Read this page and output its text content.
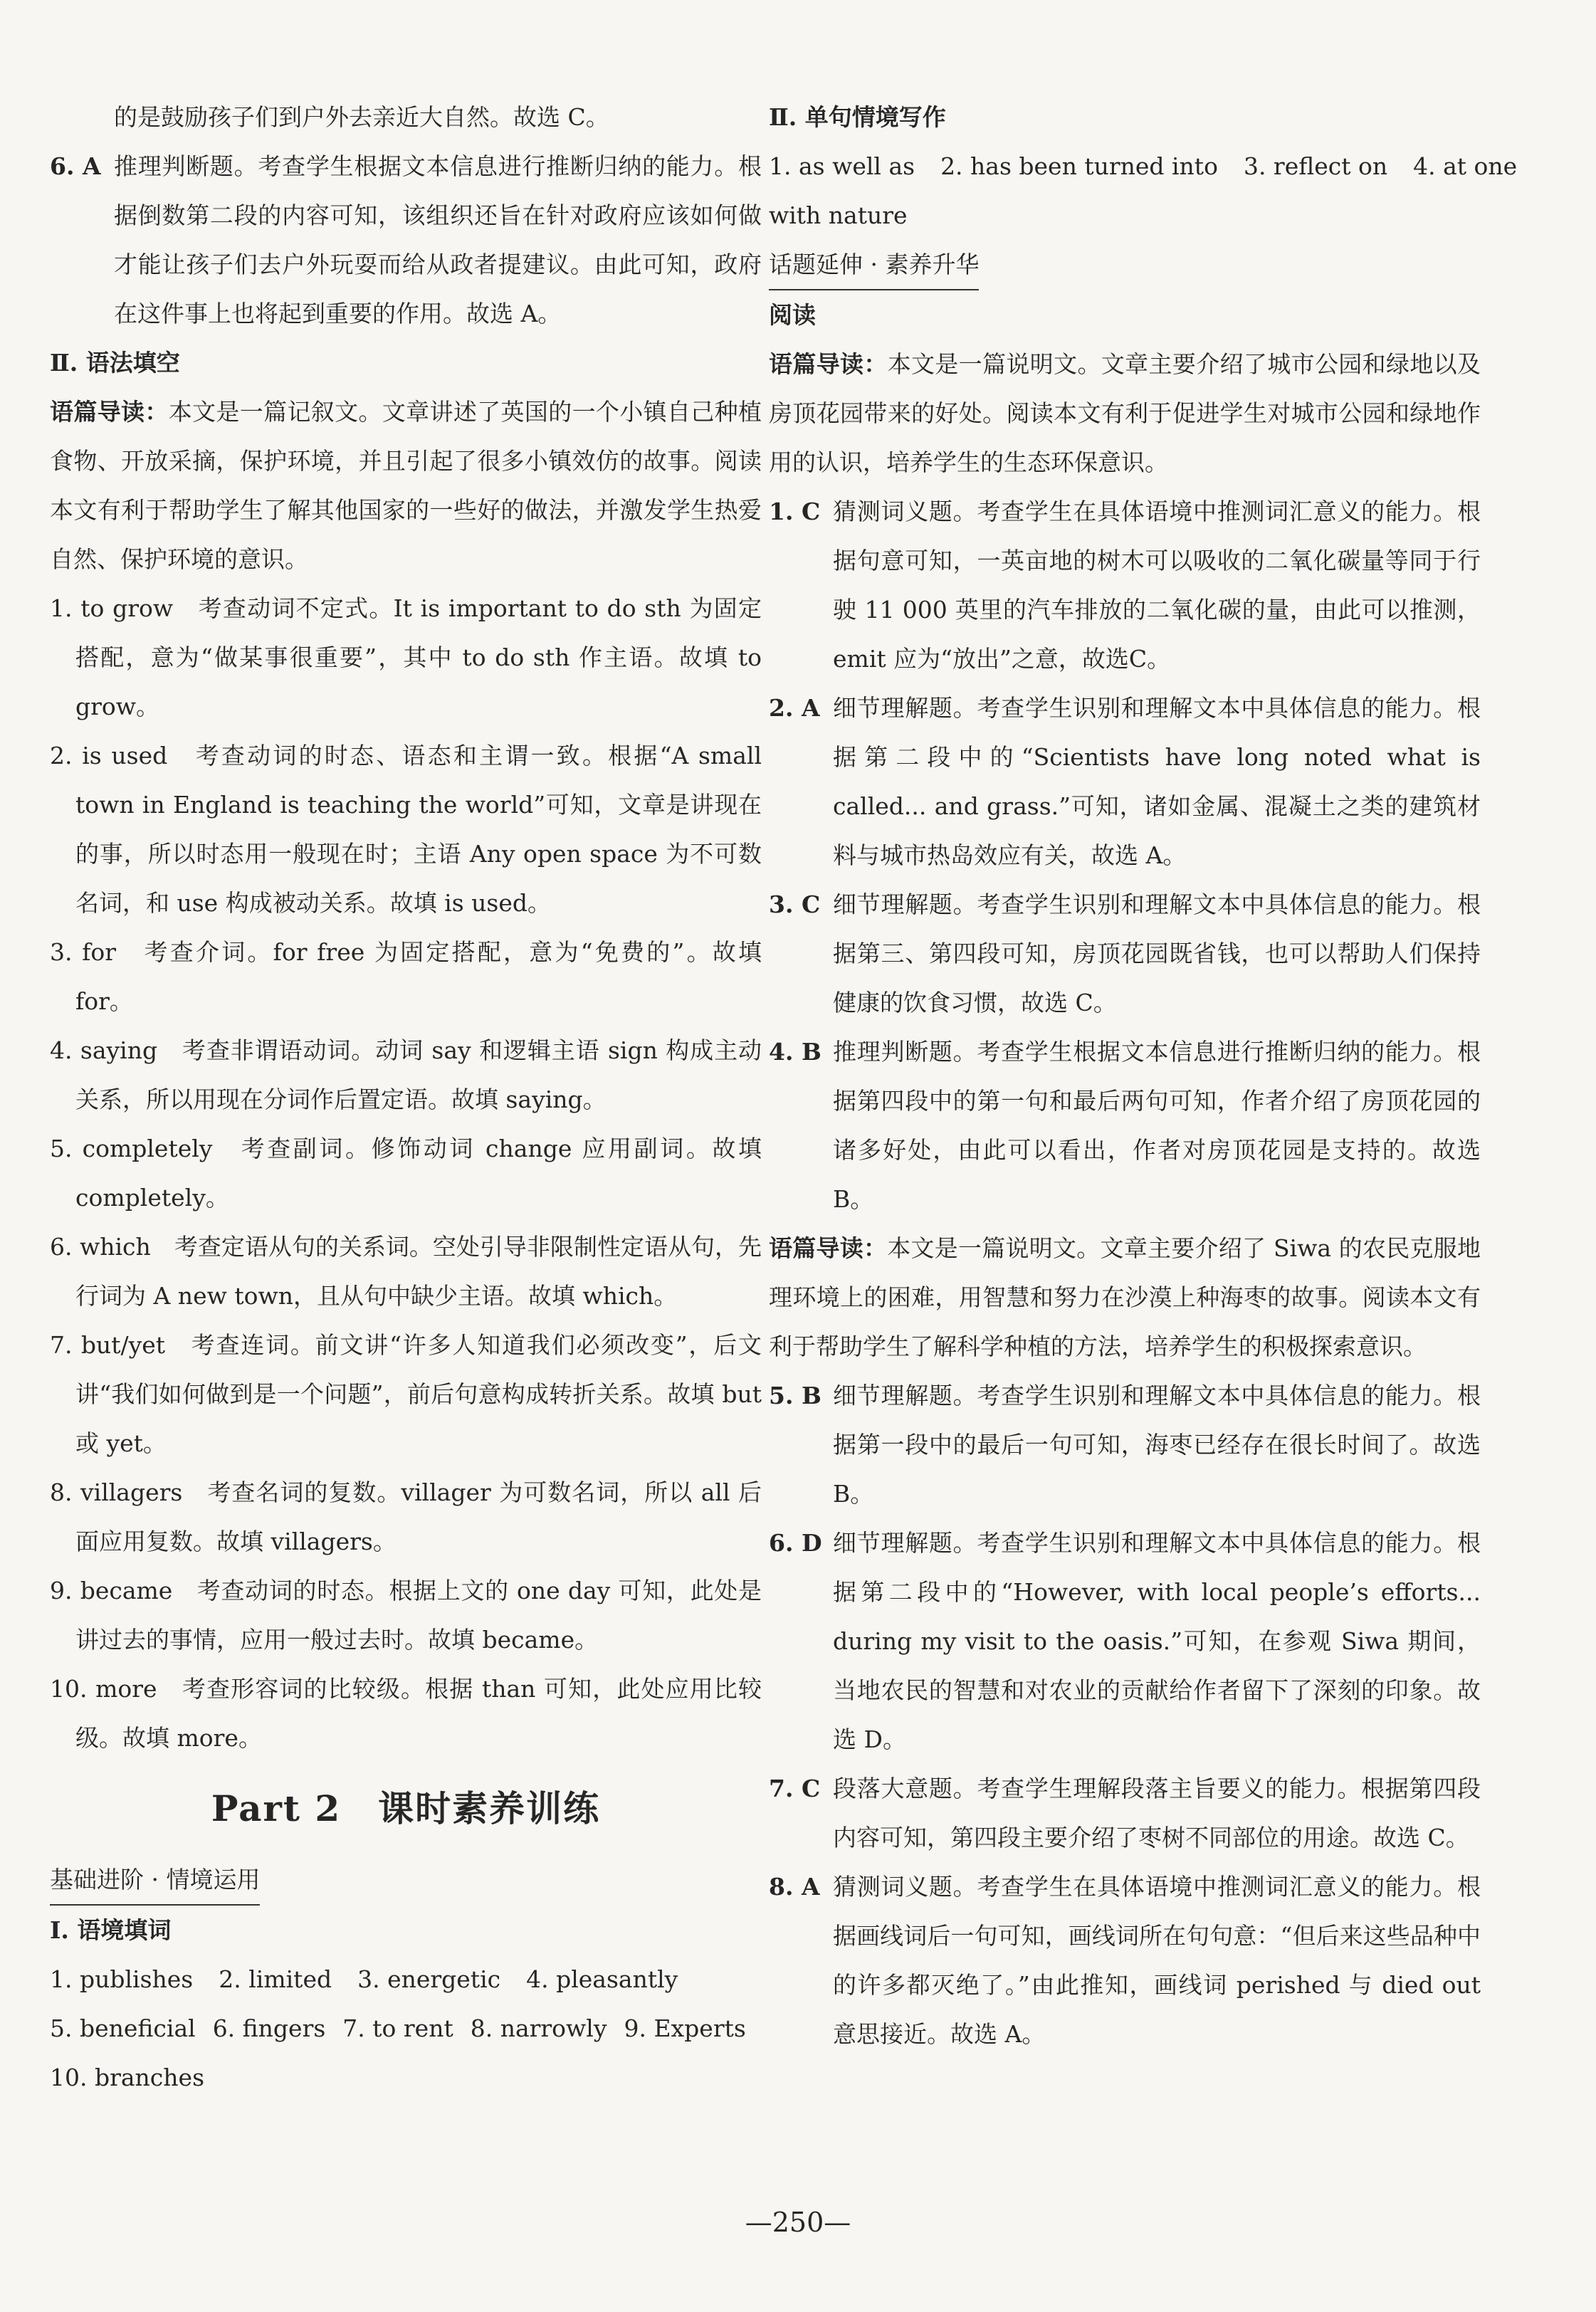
的是鼓励孩子们到户外去亲近大自然。故选 C。
6. A 推理判断题。考查学生根据文本信息进行推断归纳的能力。根据倒数第二段的内容可知，该组织还旨在针对政府应该如何做才能让孩子们去户外玩耍而给从政者提建议。由此可知，政府在这件事上也将起到重要的作用。故选 A。
Ⅱ. 语法填空

语篇导读：本文是一篇记叙文。文章讲述了英国的一个小镇自己种植食物、开放采摘，保护环境，并且引起了很多小镇效仿的故事。阅读本文有利于帮助学生了解其他国家的一些好的做法，并激发学生热爱自然、保护环境的意识。

1. to grow　 考查动词不定式。It is important to do sth 为固定搭配，意为“做某事很重要”，其中 to do sth 作主语。故填 to grow。
2. is used　 考查动词的时态、语态和主谓一致。根据“A small town in England is teaching the world”可知，文章是讲现在的事，所以时态用一般现在时；主语 Any open space 为不可数名词，和 use 构成被动关系。故填 is used。
3. for　 考查介词。for free 为固定搭配，意为“免费的”。故填 for。
4. saying　 考查非谓语动词。动词 say 和逻辑主语 sign 构成主动关系，所以用现在分词作后置定语。故填 saying。
5. completely　 考查副词。修饰动词 change 应用副词。故填 completely。
6. which　 考查定语从句的关系词。空处引导非限制性定语从句，先行词为 A new town，且从句中缺少主语。故填 which。
7. but/yet　 考查连词。前文讲“许多人知道我们必须改变”，后文讲“我们如何做到是一个问题”，前后句意构成转折关系。故填 but 或 yet。
8. villagers　 考查名词的复数。villager 为可数名词，所以 all 后面应用复数。故填 villagers。
9. became　 考查动词的时态。根据上文的 one day 可知，此处是讲过去的事情，应用一般过去时。故填 became。
10. more　 考查形容词的比较级。根据 than 可知，此处应用比较级。故填 more。
Part 2　课时素养训练
基础进阶 · 情境运用
Ⅰ. 语境填词
1. publishes 2. limited 3. energetic 4. pleasantly
5. beneficial 6. fingers 7. to rent 8. narrowly 9. Experts
10. branches
Ⅱ. 单句情境写作
1. as well as 2. has been turned into 3. reflect on 4. at one
with nature
话题延伸 · 素养升华
阅读

语篇导读：本文是一篇说明文。文章主要介绍了城市公园和绿地以及房顶花园带来的好处。阅读本文有利于促进学生对城市公园和绿地作用的认识，培养学生的生态环保意识。

1. C 猜测词义题。考查学生在具体语境中推测词汇意义的能力。根据句意可知，一英亩地的树木可以吸收的二氧化碳量等同于行驶 11 000 英里的汽车排放的二氧化碳的量，由此可以推测，emit 应为“放出”之意，故选C。
2. A 细节理解题。考查学生识别和理解文本中具体信息的能力。根据第二段中的“Scientists have long noted what is called... and grass.”可知，诸如金属、混凝土之类的建筑材料与城市热岛效应有关，故选 A。
3. C 细节理解题。考查学生识别和理解文本中具体信息的能力。根据第三、第四段可知，房顶花园既省钱，也可以帮助人们保持健康的饮食习惯，故选 C。
4. B 推理判断题。考查学生根据文本信息进行推断归纳的能力。根据第四段中的第一句和最后两句可知，作者介绍了房顶花园的诸多好处，由此可以看出，作者对房顶花园是支持的。故选 B。

语篇导读：本文是一篇说明文。文章主要介绍了 Siwa 的农民克服地理环境上的困难，用智慧和努力在沙漠上种海枣的故事。阅读本文有利于帮助学生了解科学种植的方法，培养学生的积极探索意识。

5. B 细节理解题。考查学生识别和理解文本中具体信息的能力。根据第一段中的最后一句可知，海枣已经存在很长时间了。故选 B。
6. D 细节理解题。考查学生识别和理解文本中具体信息的能力。根据第二段中的“However, with local people’s efforts... during my visit to the oasis.”可知，在参观 Siwa 期间，当地农民的智慧和对农业的贡献给作者留下了深刻的印象。故选 D。
7. C 段落大意题。考查学生理解段落主旨要义的能力。根据第四段内容可知，第四段主要介绍了枣树不同部位的用途。故选 C。
8. A 猜测词义题。考查学生在具体语境中推测词汇意义的能力。根据画线词后一句可知，画线词所在句句意：“但后来这些品种中的许多都灭绝了。”由此推知，画线词 perished 与 died out 意思接近。故选 A。
—250—
